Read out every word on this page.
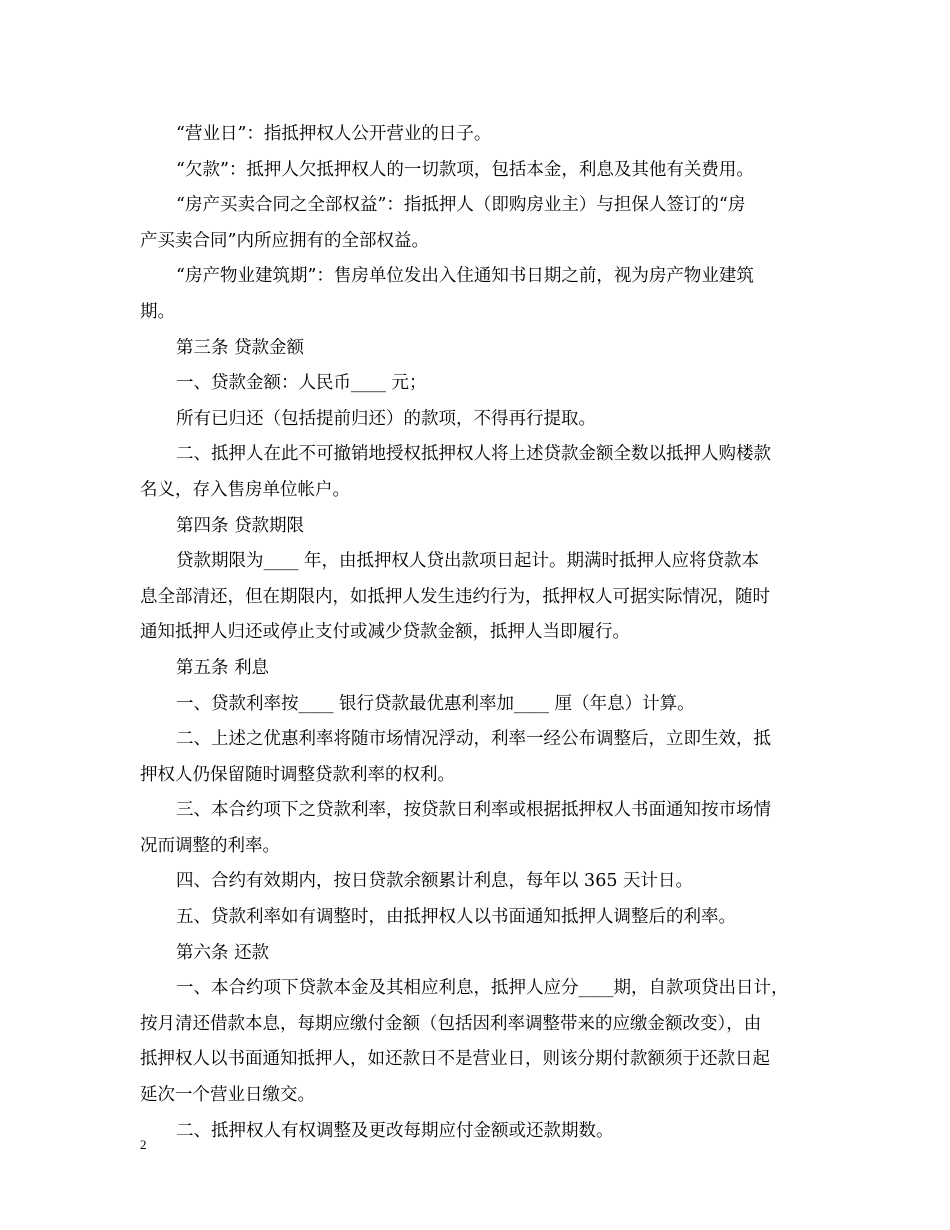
“营业日”：指抵押权人公开营业的日子。
“欠款”：抵押人欠抵押权人的一切款项，包括本金，利息及其他有关费用。
“房产买卖合同之全部权益”：指抵押人（即购房业主）与担保人签订的“房
产买卖合同”内所应拥有的全部权益。
“房产物业建筑期”：售房单位发出入住通知书日期之前，视为房产物业建筑
期。
第三条 贷款金额
一、贷款金额：人民币____ 元；
所有已归还（包括提前归还）的款项，不得再行提取。
二、抵押人在此不可撤销地授权抵押权人将上述贷款金额全数以抵押人购楼款
名义，存入售房单位帐户。
第四条 贷款期限
贷款期限为____ 年，由抵押权人贷出款项日起计。期满时抵押人应将贷款本
息全部清还，但在期限内，如抵押人发生违约行为，抵押权人可据实际情况，随时
通知抵押人归还或停止支付或减少贷款金额，抵押人当即履行。
第五条 利息
一、贷款利率按____ 银行贷款最优惠利率加____ 厘（年息）计算。
二、上述之优惠利率将随市场情况浮动，利率一经公布调整后，立即生效，抵
押权人仍保留随时调整贷款利率的权利。
三、本合约项下之贷款利率，按贷款日利率或根据抵押权人书面通知按市场情
况而调整的利率。
四、合约有效期内，按日贷款余额累计利息，每年以 365 天计日。
五、贷款利率如有调整时，由抵押权人以书面通知抵押人调整后的利率。
第六条 还款
一、本合约项下贷款本金及其相应利息，抵押人应分____期，自款项贷出日计，
按月清还借款本息，每期应缴付金额（包括因利率调整带来的应缴金额改变），由
抵押权人以书面通知抵押人，如还款日不是营业日，则该分期付款额须于还款日起
延次一个营业日缴交。
二、抵押权人有权调整及更改每期应付金额或还款期数。
2
